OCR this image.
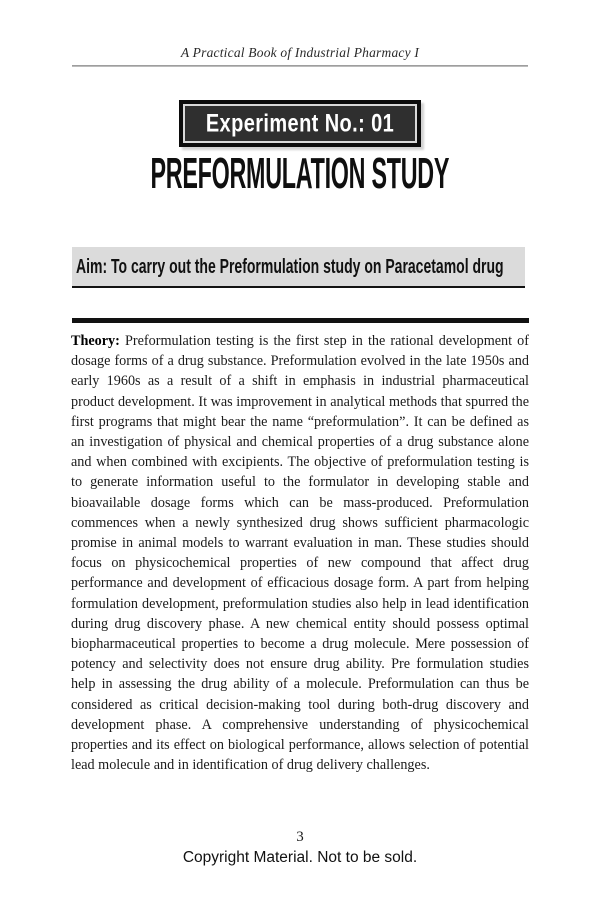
A Practical Book of Industrial Pharmacy I
Experiment No.: 01
PREFORMULATION STUDY
Aim: To carry out the Preformulation study on Paracetamol drug

Theory: Preformulation testing is the first step in the rational development of dosage forms of a drug substance. Preformulation evolved in the late 1950s and early 1960s as a result of a shift in emphasis in industrial pharmaceutical product development. It was improvement in analytical methods that spurred the first programs that might bear the name “preformulation”. It can be defined as an investigation of physical and chemical properties of a drug substance alone and when combined with excipients. The objective of preformulation testing is to generate information useful to the formulator in developing stable and bioavailable dosage forms which can be mass-produced. Preformulation commences when a newly synthesized drug shows sufficient pharmacologic promise in animal models to warrant evaluation in man. These studies should focus on physicochemical properties of new compound that affect drug performance and development of efficacious dosage form. A part from helping formulation development, preformulation studies also help in lead identification during drug discovery phase. A new chemical entity should possess optimal biopharmaceutical properties to become a drug molecule. Mere possession of potency and selectivity does not ensure drug ability. Pre formulation studies help in assessing the drug ability of a molecule. Preformulation can thus be considered as critical decision-making tool during both-drug discovery and development phase. A comprehensive understanding of physicochemical properties and its effect on biological performance, allows selection of potential lead molecule and in identification of drug delivery challenges.

3
Copyright Material. Not to be sold.
